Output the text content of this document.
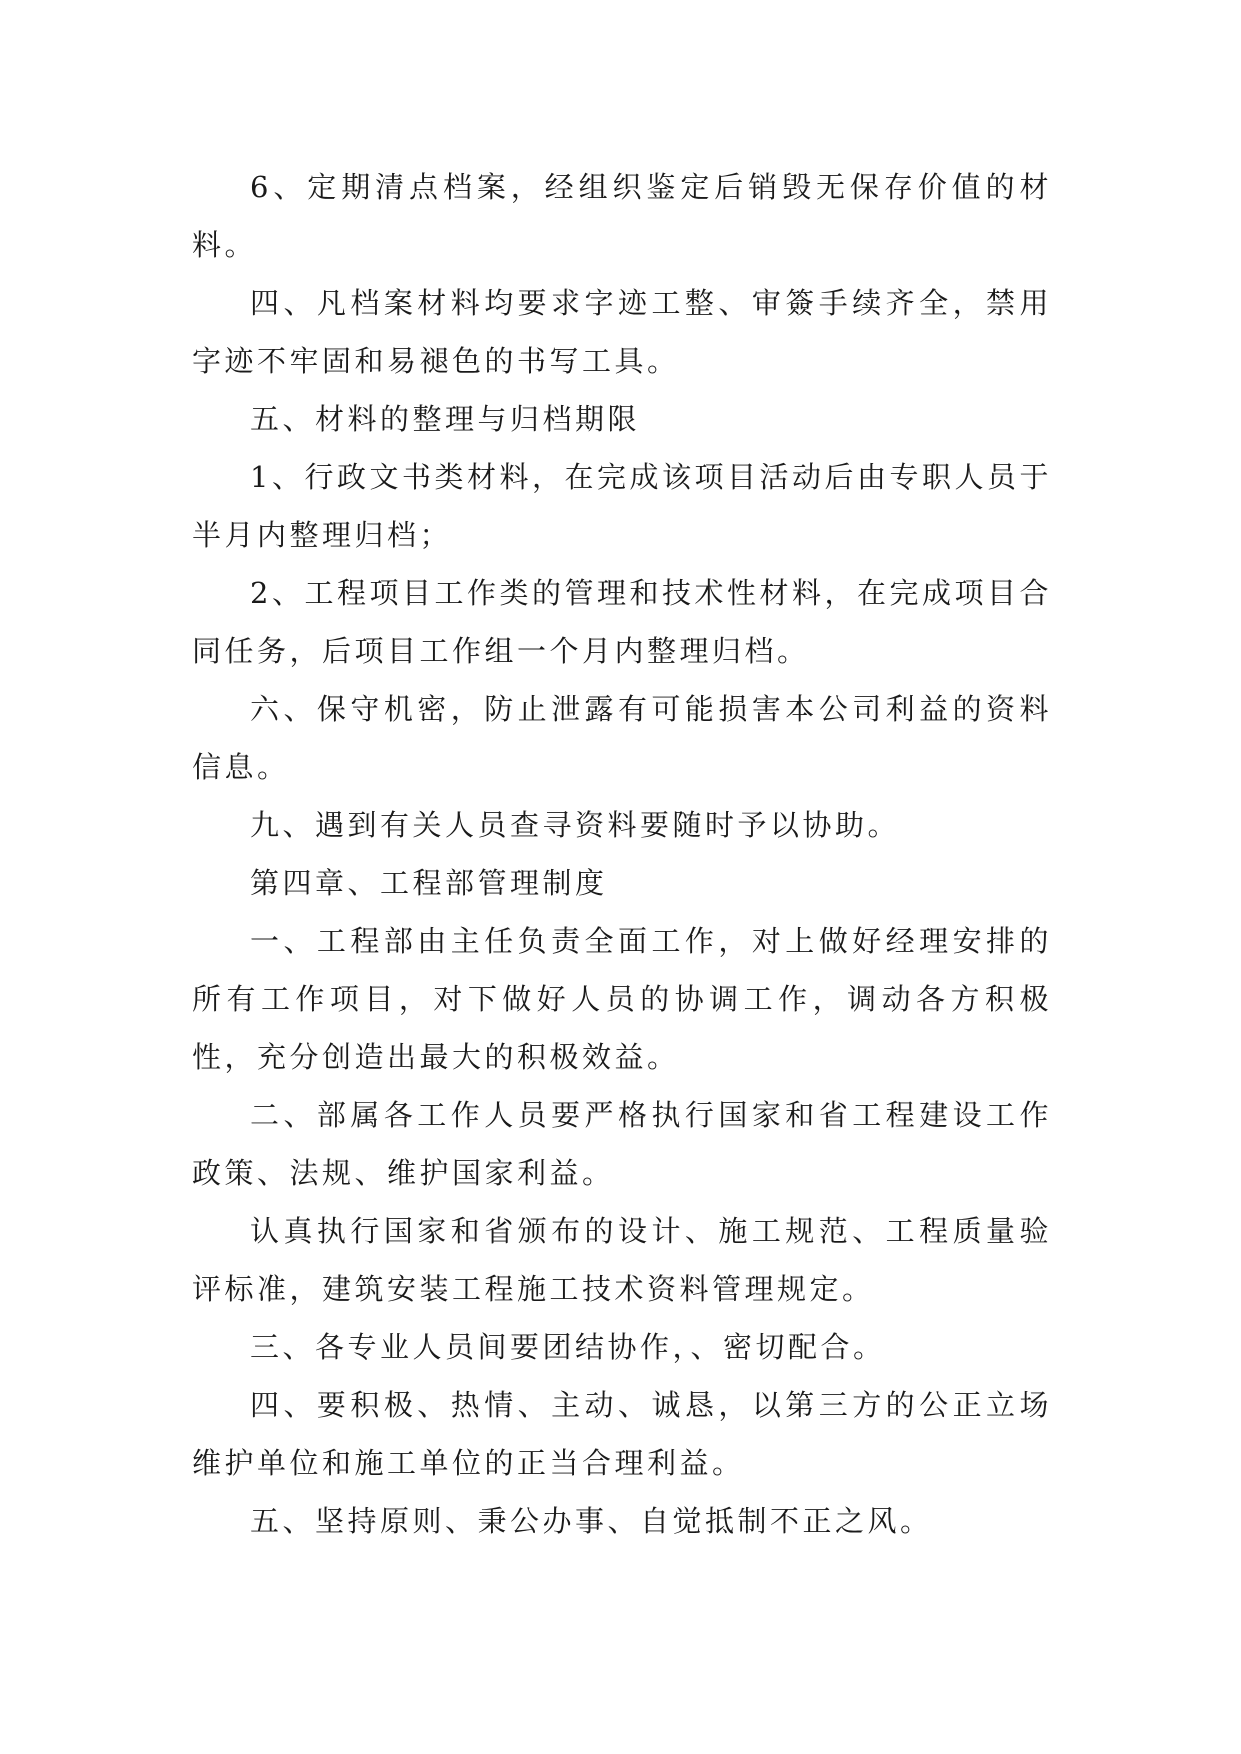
6、定期清点档案，经组织鉴定后销毁无保存价值的材料。

四、凡档案材料均要求字迹工整、审簽手续齐全，禁用字迹不牢固和易褪色的书写工具。

五、材料的整理与归档期限

1、行政文书类材料，在完成该项目活动后由专职人员于半月内整理归档；

2、工程项目工作类的管理和技术性材料，在完成项目合同任务，后项目工作组一个月内整理归档。

六、保守机密，防止泄露有可能损害本公司利益的资料信息。

九、遇到有关人员查寻资料要随时予以协助。

第四章、工程部管理制度

一、工程部由主任负责全面工作，对上做好经理安排的所有工作项目，对下做好人员的协调工作，调动各方积极性，充分创造出最大的积极效益。

二、部属各工作人员要严格执行国家和省工程建设工作政策、法规、维护国家利益。

认真执行国家和省颁布的设计、施工规范、工程质量验评标准，建筑安装工程施工技术资料管理规定。

三、各专业人员间要团结协作，、密切配合。

四、要积极、热情、主动、诚恳，以第三方的公正立场维护单位和施工单位的正当合理利益。

五、坚持原则、秉公办事、自觉抵制不正之风。
